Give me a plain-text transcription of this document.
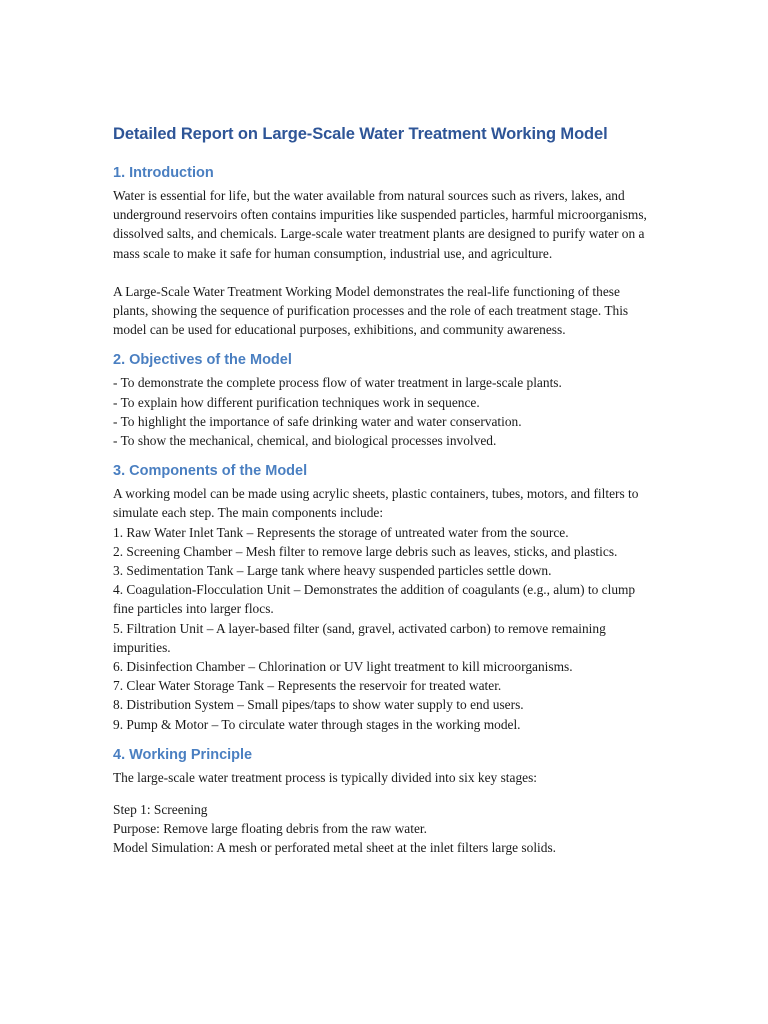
Detailed Report on Large-Scale Water Treatment Working Model
1. Introduction

Water is essential for life, but the water available from natural sources such as rivers, lakes, and underground reservoirs often contains impurities like suspended particles, harmful microorganisms, dissolved salts, and chemicals. Large-scale water treatment plants are designed to purify water on a mass scale to make it safe for human consumption, industrial use, and agriculture.

A Large-Scale Water Treatment Working Model demonstrates the real-life functioning of these plants, showing the sequence of purification processes and the role of each treatment stage. This model can be used for educational purposes, exhibitions, and community awareness.

2. Objectives of the Model
- To demonstrate the complete process flow of water treatment in large-scale plants.
- To explain how different purification techniques work in sequence.
- To highlight the importance of safe drinking water and water conservation.
- To show the mechanical, chemical, and biological processes involved.
3. Components of the Model
A working model can be made using acrylic sheets, plastic containers, tubes, motors, and filters to simulate each step. The main components include:
1. Raw Water Inlet Tank – Represents the storage of untreated water from the source.
2. Screening Chamber – Mesh filter to remove large debris such as leaves, sticks, and plastics.
3. Sedimentation Tank – Large tank where heavy suspended particles settle down.
4. Coagulation-Flocculation Unit – Demonstrates the addition of coagulants (e.g., alum) to clump fine particles into larger flocs.
5. Filtration Unit – A layer-based filter (sand, gravel, activated carbon) to remove remaining impurities.
6. Disinfection Chamber – Chlorination or UV light treatment to kill microorganisms.
7. Clear Water Storage Tank – Represents the reservoir for treated water.
8. Distribution System – Small pipes/taps to show water supply to end users.
9. Pump & Motor – To circulate water through stages in the working model.
4. Working Principle

The large-scale water treatment process is typically divided into six key stages:

Step 1: Screening
Purpose: Remove large floating debris from the raw water.
Model Simulation: A mesh or perforated metal sheet at the inlet filters large solids.
